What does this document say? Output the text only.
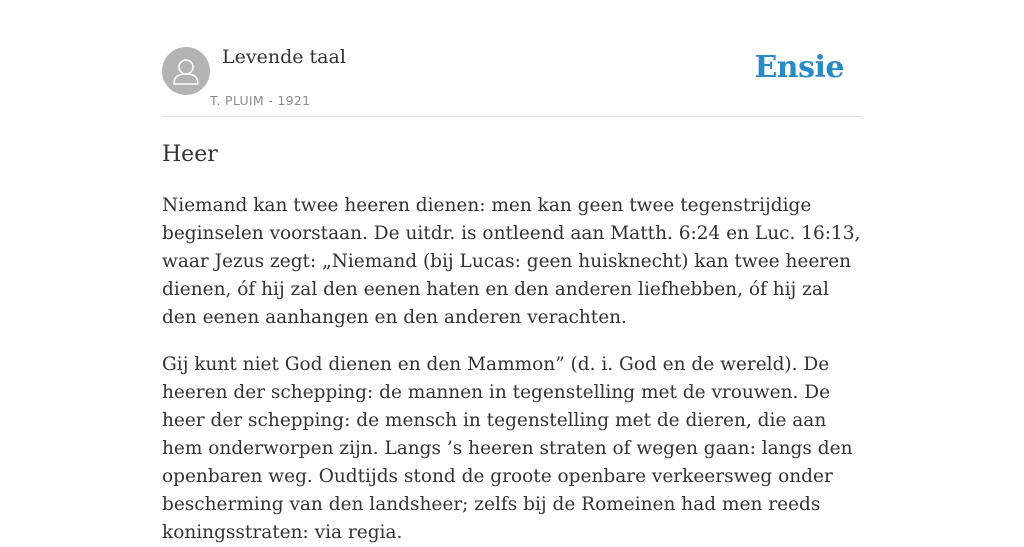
Levende taal
T. PLUIM - 1921
Ensie
Heer

Niemand kan twee heeren dienen: men kan geen twee tegenstrijdige beginselen voorstaan. De uitdr. is ontleend aan Matth. 6:24 en Luc. 16:13, waar Jezus zegt: „Niemand (bij Lucas: geen huisknecht) kan twee heeren dienen, óf hij zal den eenen haten en den anderen liefhebben, óf hij zal den eenen aanhangen en den anderen verachten.

Gij kunt niet God dienen en den Mammon” (d. i. God en de wereld). De heeren der schepping: de mannen in tegenstelling met de vrouwen. De heer der schepping: de mensch in tegenstelling met de dieren, die aan hem onderworpen zijn. Langs ’s heeren straten of wegen gaan: langs den openbaren weg. Oudtijds stond de groote openbare verkeersweg onder bescherming van den landsheer; zelfs bij de Romeinen had men reeds koningsstraten: via regia.
